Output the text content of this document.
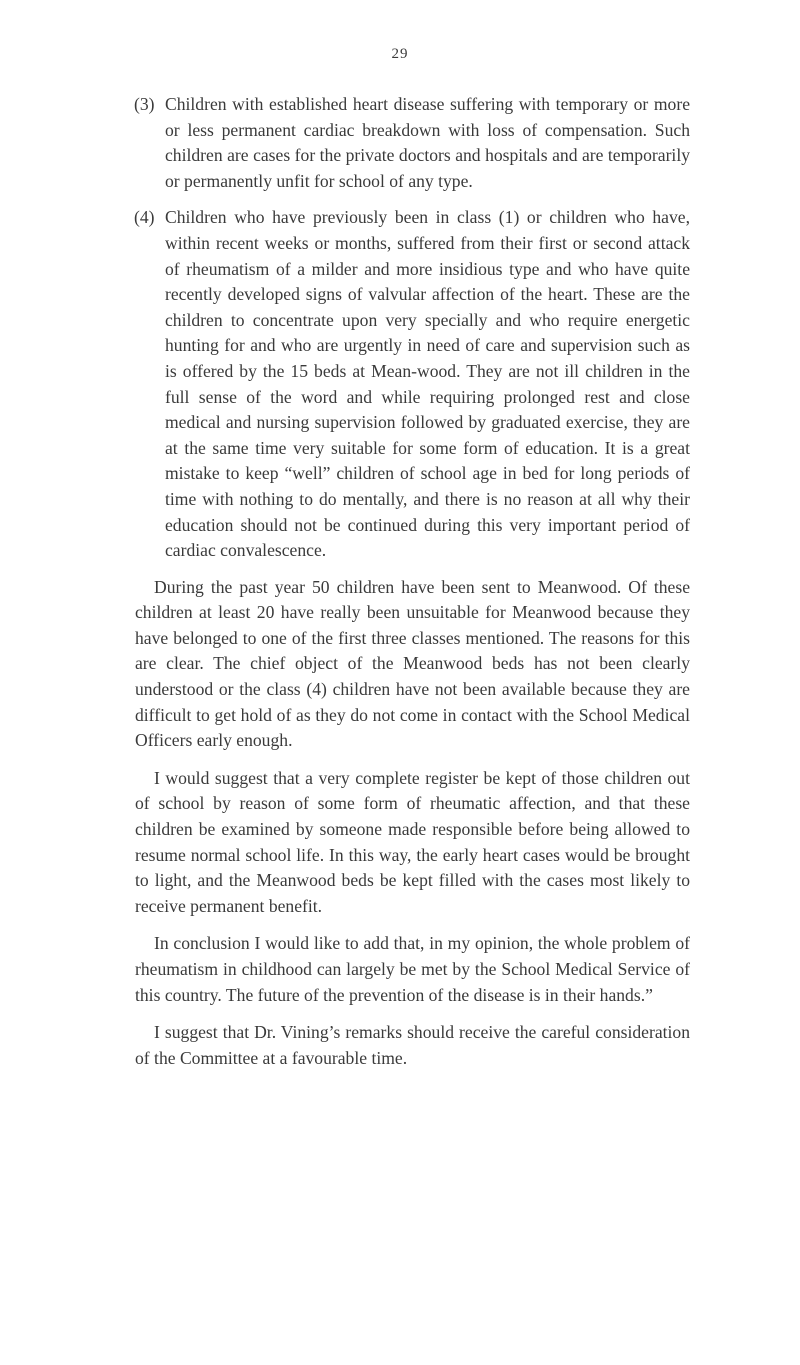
29
(3) Children with established heart disease suffering with temporary or more or less permanent cardiac breakdown with loss of compensation. Such children are cases for the private doctors and hospitals and are temporarily or permanently unfit for school of any type.

(4) Children who have previously been in class (1) or children who have, within recent weeks or months, suffered from their first or second attack of rheumatism of a milder and more insidious type and who have quite recently developed signs of valvular affection of the heart. These are the children to concentrate upon very specially and who require energetic hunting for and who are urgently in need of care and supervision such as is offered by the 15 beds at Mean-wood. They are not ill children in the full sense of the word and while requiring prolonged rest and close medical and nursing supervision followed by graduated exercise, they are at the same time very suitable for some form of education. It is a great mistake to keep “well” children of school age in bed for long periods of time with nothing to do mentally, and there is no reason at all why their education should not be continued during this very important period of cardiac convalescence.

During the past year 50 children have been sent to Meanwood. Of these children at least 20 have really been unsuitable for Meanwood because they have belonged to one of the first three classes mentioned. The reasons for this are clear. The chief object of the Meanwood beds has not been clearly understood or the class (4) children have not been available because they are difficult to get hold of as they do not come in contact with the School Medical Officers early enough.

I would suggest that a very complete register be kept of those children out of school by reason of some form of rheumatic affection, and that these children be examined by someone made responsible before being allowed to resume normal school life. In this way, the early heart cases would be brought to light, and the Meanwood beds be kept filled with the cases most likely to receive permanent benefit.

In conclusion I would like to add that, in my opinion, the whole problem of rheumatism in childhood can largely be met by the School Medical Service of this country. The future of the prevention of the disease is in their hands.”

I suggest that Dr. Vining’s remarks should receive the careful consideration of the Committee at a favourable time.
